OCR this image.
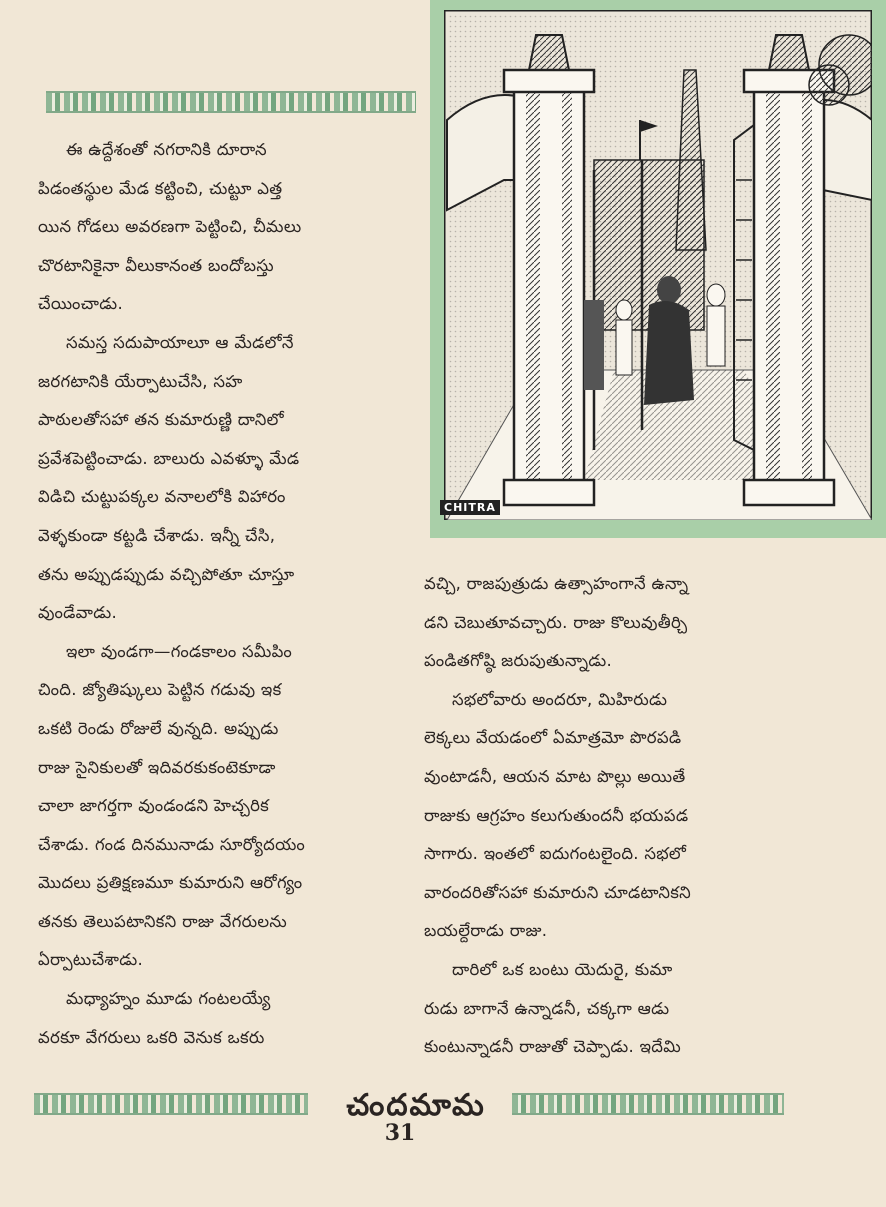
CHITRA
ఈ ఉద్దేశంతో నగరానికి దూరాన
పిడంతస్థుల మేడ కట్టించి, చుట్టూ ఎత్త
యిన గోడలు అవరణగా పెట్టించి, చీమలు
చొరటానికైనా వీలుకానంత బందోబస్తు
చేయించాడు.
సమస్త సదుపాయాలూ ఆ మేడలోనే
జరగటానికి యేర్పాటుచేసి, సహ
పాఠులతోసహా తన కుమారుణ్ణి దానిలో
ప్రవేశపెట్టించాడు. బాలురు ఎవళ్ళూ మేడ
విడిచి చుట్టుపక్కల వనాలలోకి విహారం
వెళ్ళకుండా కట్టడి చేశాడు. ఇన్నీ చేసి,
తను అప్పుడప్పుడు వచ్చిపోతూ చూస్తూ
వుండేవాడు.
ఇలా వుండగా—గండకాలం సమీపిం
చింది. జ్యోతిష్కులు పెట్టిన గడువు ఇక
ఒకటి రెండు రోజులే వున్నది. అప్పుడు
రాజు సైనికులతో ఇదివరకుకంటెకూడా
చాలా జాగర్తగా వుండండని హెచ్చరిక
చేశాడు. గండ దినమునాడు సూర్యోదయం
మొదలు ప్రతిక్షణమూ కుమారుని ఆరోగ్యం
తనకు తెలుపటానికని రాజు వేగరులను
ఏర్పాటుచేశాడు.
మధ్యాహ్నం మూడు గంటలయ్యే
వరకూ వేగరులు ఒకరి వెనుక ఒకరు
వచ్చి, రాజపుత్రుడు ఉత్సాహంగానే ఉన్నా
డని చెబుతూవచ్చారు. రాజు కొలువుతీర్చి
పండితగోష్ఠి జరుపుతున్నాడు.
సభలోవారు అందరూ, మిహిరుడు
లెక్కలు వేయడంలో ఏమాత్రమో పొరపడి
వుంటాడనీ, ఆయన మాట పొల్లు అయితే
రాజుకు ఆగ్రహం కలుగుతుందనీ భయపడ
సాగారు. ఇంతలో ఐదుగంటలైంది. సభలో
వారందరితోసహా కుమారుని చూడటానికని
బయల్దేరాడు రాజు.
దారిలో ఒక బంటు యెదురై, కుమా
రుడు బాగానే ఉన్నాడనీ, చక్కగా ఆడు
కుంటున్నాడనీ రాజుతో చెప్పాడు. ఇదేమి
చందమామ
31
